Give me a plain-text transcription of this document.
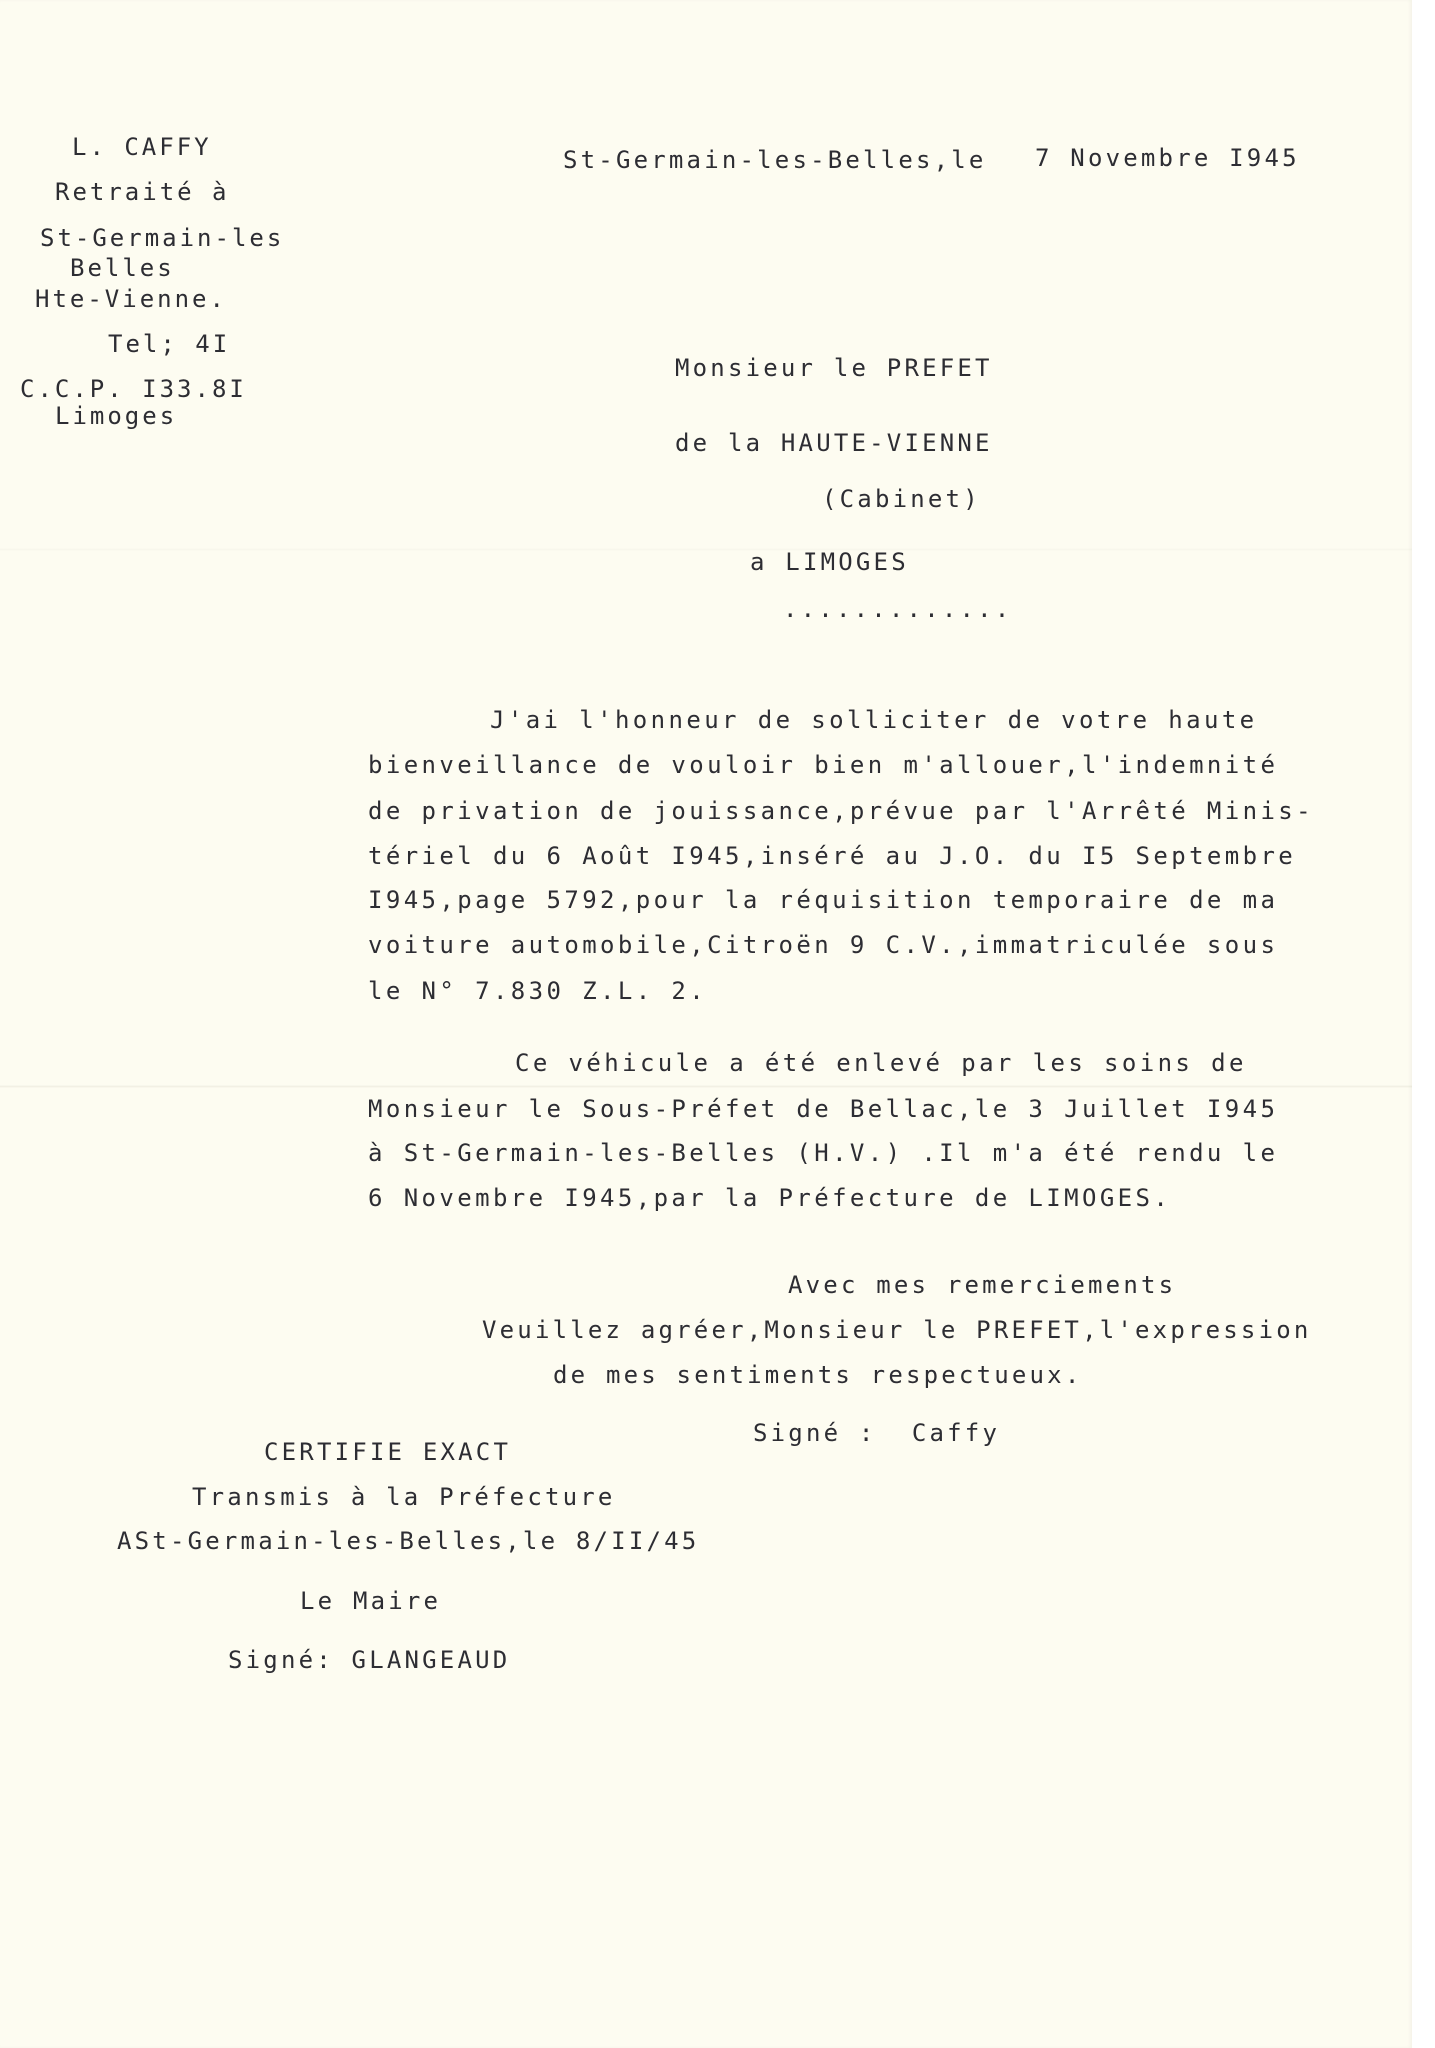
L. CAFFY
Retraité à
St-Germain-les
Belles
Hte-Vienne.
Tel; 4I
C.C.P. I33.8I
Limoges
St-Germain-les-Belles,le 7 Novembre I945
Monsieur le PREFET
de la HAUTE-VIENNE
(Cabinet)
a LIMOGES
.............
J'ai l'honneur de solliciter de votre haute
bienveillance de vouloir bien m'allouer,l'indemnité
de privation de jouissance,prévue par l'Arrêté Minis-
tériel du 6 Août I945,inséré au J.O. du I5 Septembre
I945,page 5792,pour la réquisition temporaire de ma
voiture automobile,Citroën 9 C.V.,immatriculée sous
le N° 7.830 Z.L. 2.
Ce véhicule a été enlevé par les soins de
Monsieur le Sous-Préfet de Bellac,le 3 Juillet I945
à St-Germain-les-Belles (H.V.) .Il m'a été rendu le
6 Novembre I945,par la Préfecture de LIMOGES.
Avec mes remerciements
Veuillez agréer,Monsieur le PREFET,l'expression
de mes sentiments respectueux.
Signé :  Caffy
CERTIFIE EXACT
Transmis à la Préfecture
ASt-Germain-les-Belles,le 8/II/45
Le Maire
Signé: GLANGEAUD
